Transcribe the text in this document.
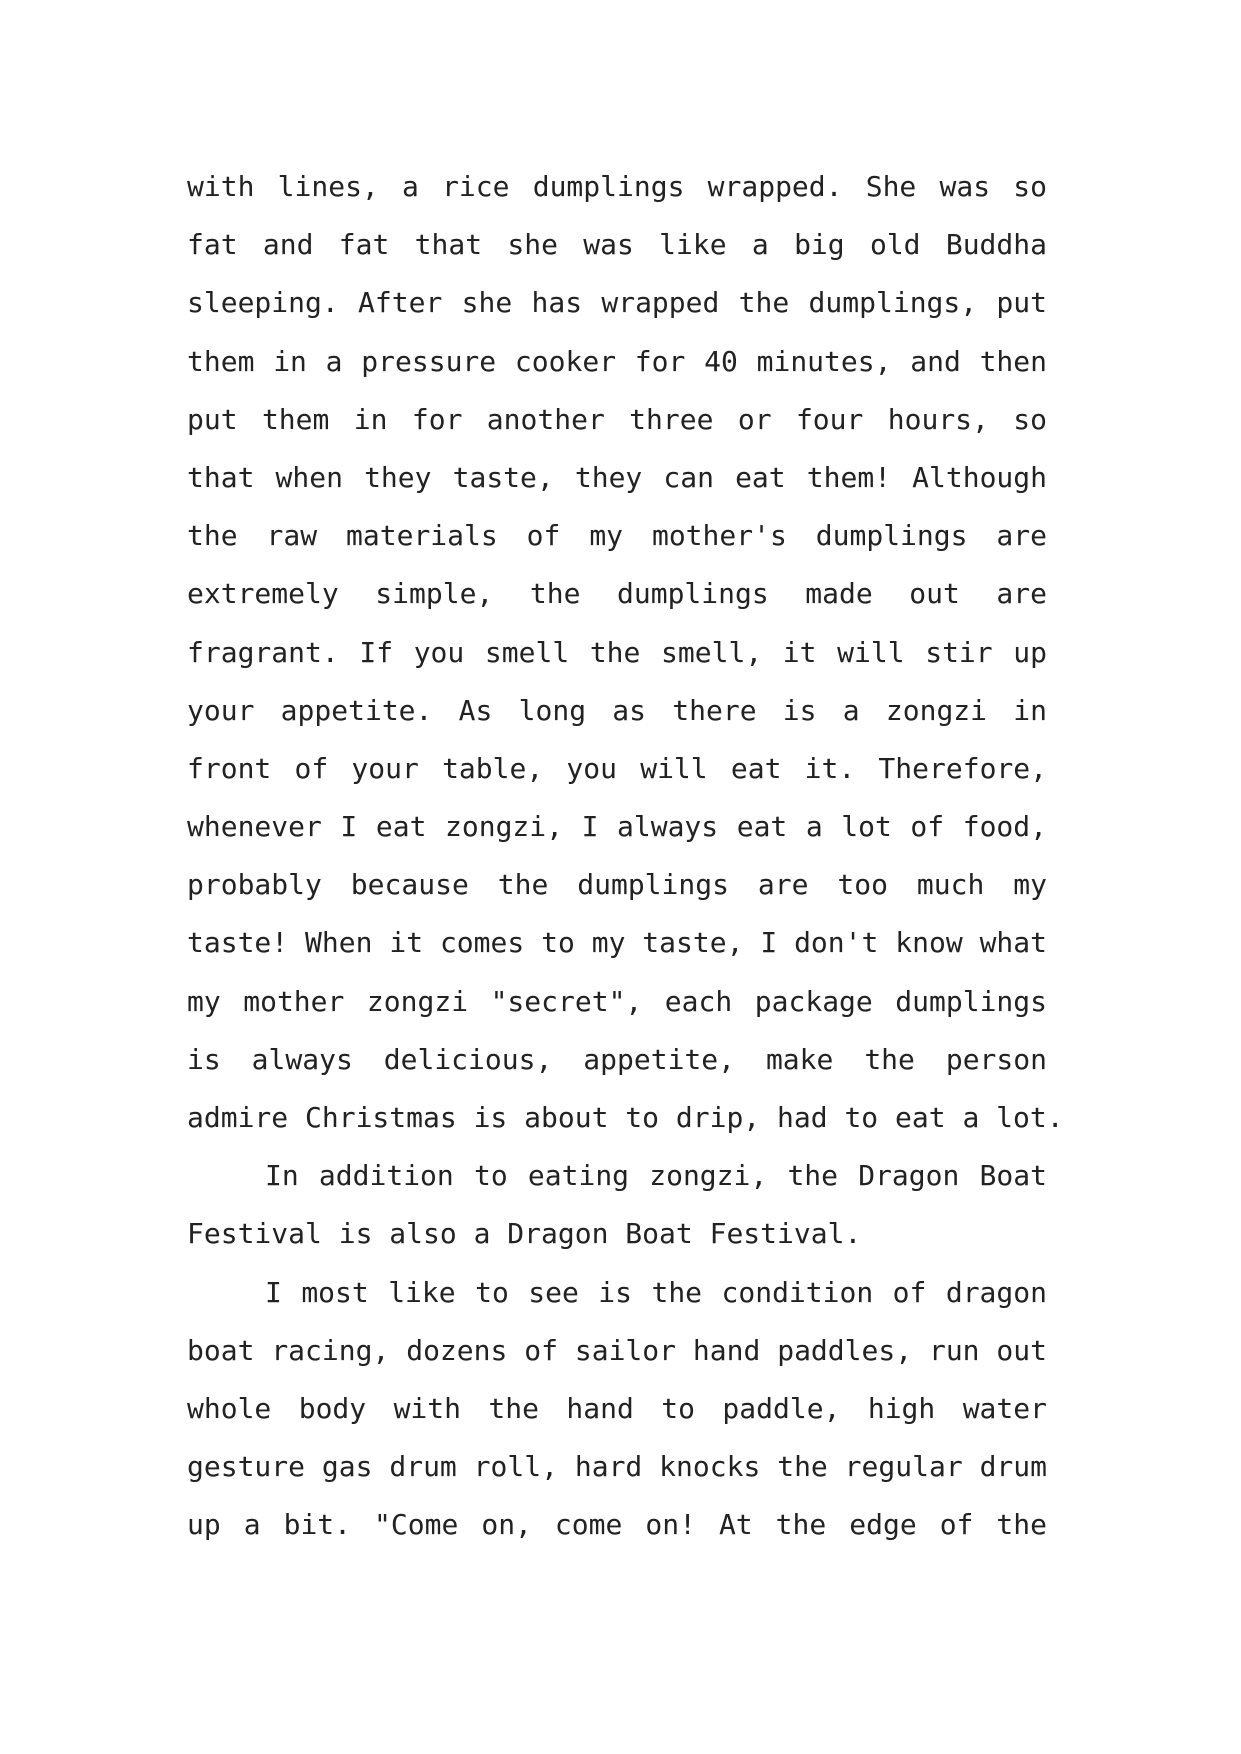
with lines, a rice dumplings wrapped. She was so
fat and fat that she was like a big old Buddha
sleeping. After she has wrapped the dumplings, put
them in a pressure cooker for 40 minutes, and then
put them in for another three or four hours, so
that when they taste, they can eat them! Although
the raw materials of my mother's dumplings are
extremely simple, the dumplings made out are
fragrant. If you smell the smell, it will stir up
your appetite. As long as there is a zongzi in
front of your table, you will eat it. Therefore,
whenever I eat zongzi, I always eat a lot of food,
probably because the dumplings are too much my
taste! When it comes to my taste, I don't know what
my mother zongzi "secret", each package dumplings
is always delicious, appetite, make the person
admire Christmas is about to drip, had to eat a lot.
In addition to eating zongzi, the Dragon Boat
Festival is also a Dragon Boat Festival.
I most like to see is the condition of dragon
boat racing, dozens of sailor hand paddles, run out
whole body with the hand to paddle, high water
gesture gas drum roll, hard knocks the regular drum
up a bit. "Come on, come on! At the edge of the
